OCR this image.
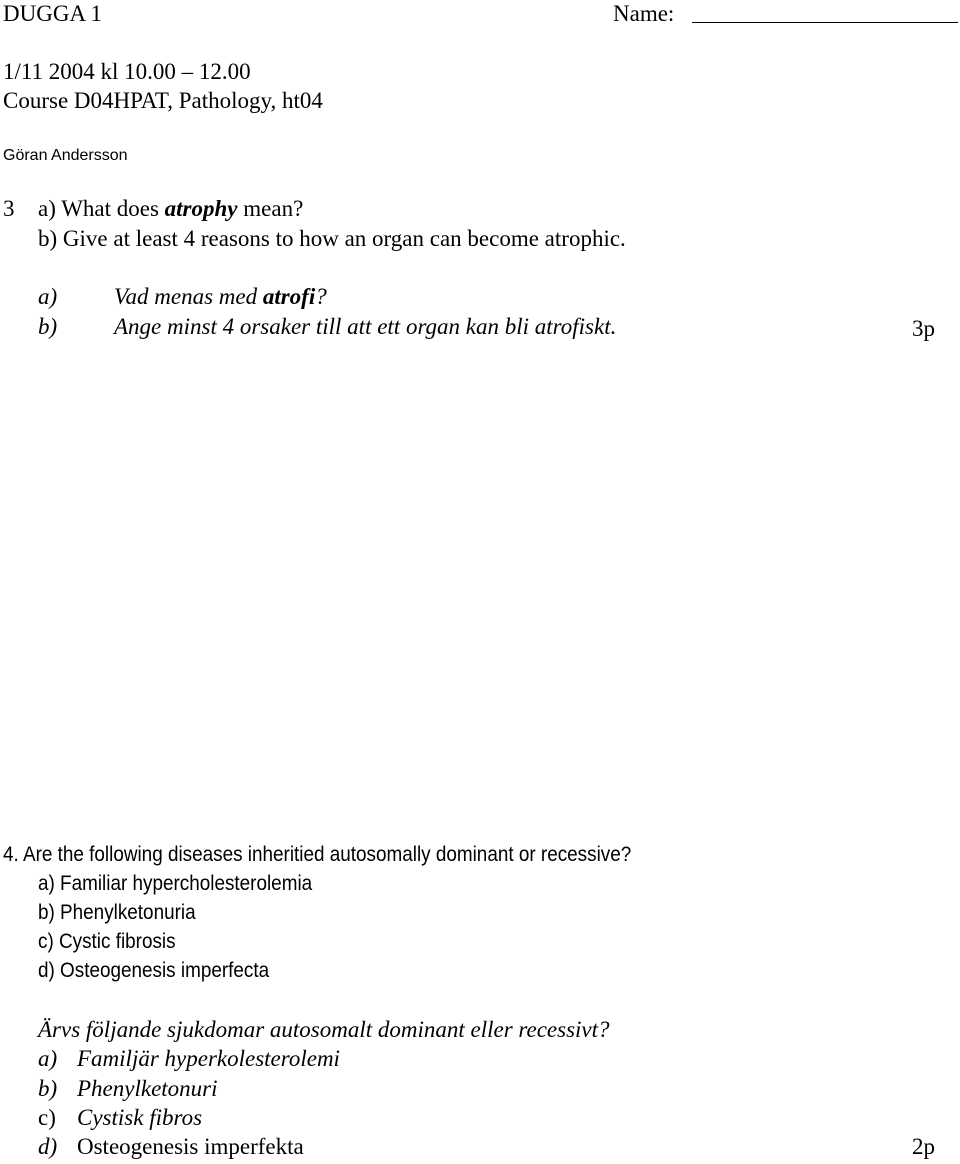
DUGGA 1	Name:
1/11 2004 kl 10.00 – 12.00
Course D04HPAT, Pathology, ht04
Göran Andersson
3 a) What does atrophy mean?
b) Give at least 4 reasons to how an organ can become atrophic.
a) Vad menas med atrofi?
b) Ange minst 4 orsaker till att ett organ kan bli atrofiskt.	3p
4. Are the following diseases inheritied autosomally dominant or recessive?
a) Familiar hypercholesterolemia
b) Phenylketonuria
c) Cystic fibrosis
d) Osteogenesis imperfecta
Ärvs följande sjukdomar autosomalt dominant eller recessivt?
a) Familjär hyperkolesterolemi
b) Phenylketonuri
c) Cystisk fibros
d) Osteogenesis imperfekta	2p
